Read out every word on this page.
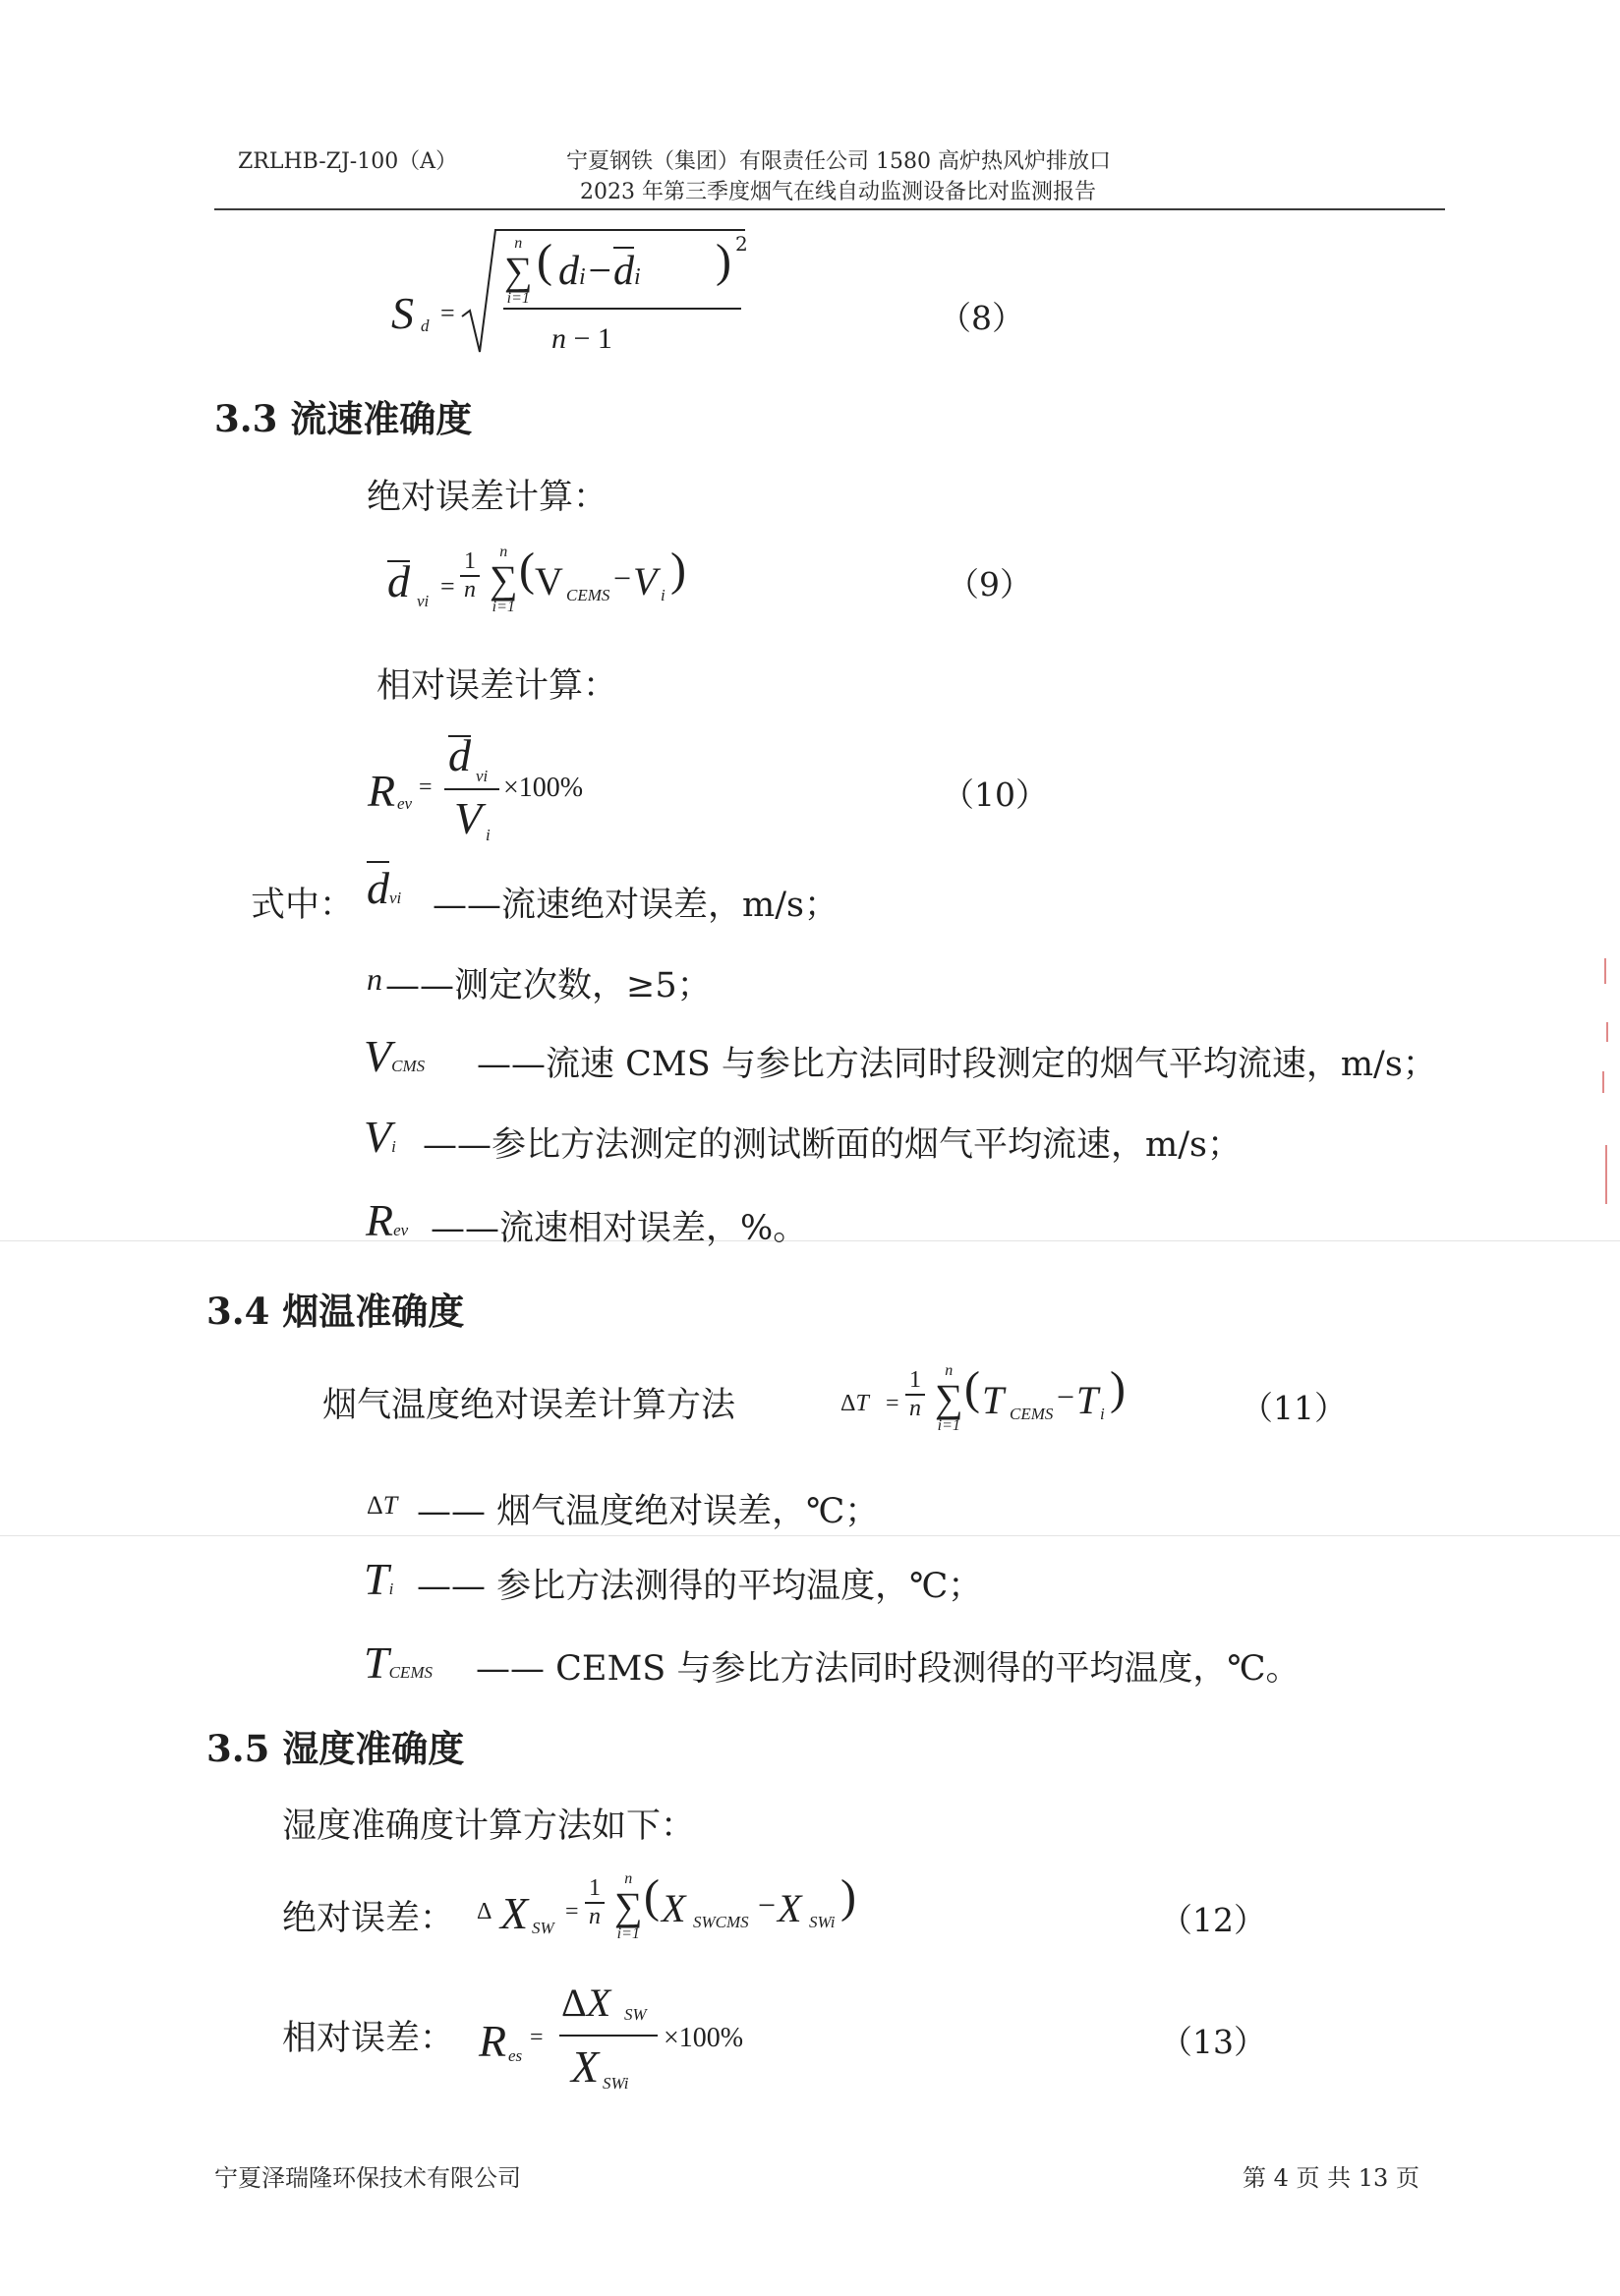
ZRLHB-ZJ-100（A）	宁夏钢铁（集团）有限责任公司 1580 高炉热风炉排放口
2023 年第三季度烟气在线自动监测设备比对监测报告
S d =
n
∑
i=1
( di−di ) 2
n − 1
（8）
3.3 流速准确度
绝对误差计算：
d vi
= $\frac{1}{n}$ n
∑
i=1
( V CEMS − V i )	（9）
相对误差计算：
R ev
=
d vi
V i
×100%	（10）
式中： dvi ——流速绝对误差，m/s；
n ——测定次数，≥5；
VCMS ——流速 CMS 与参比方法同时段测定的烟气平均流速，m/s；
Vi ——参比方法测定的测试断面的烟气平均流速，m/s；
Rev ——流速相对误差，%。
3.4 烟温准确度
烟气温度绝对误差计算方法	$\Delta T = \frac{1}{n}$ n
∑
i=1
( T CEMS − T i )	（11）
ΔT —— 烟气温度绝对误差，℃；
Ti —— 参比方法测得的平均温度，℃；
TCEMS —— CEMS 与参比方法同时段测得的平均温度，℃。
3.5 湿度准确度
湿度准确度计算方法如下：
绝对误差： Δ X SW
= $\frac{1}{n}$ n
∑
i=1
( X SWCMS − X SWi )	（12）
相对误差： R es
=
ΔX SW
X SWi
×100%	（13）
宁夏泽瑞隆环保技术有限公司	第 4 页 共 13 页
